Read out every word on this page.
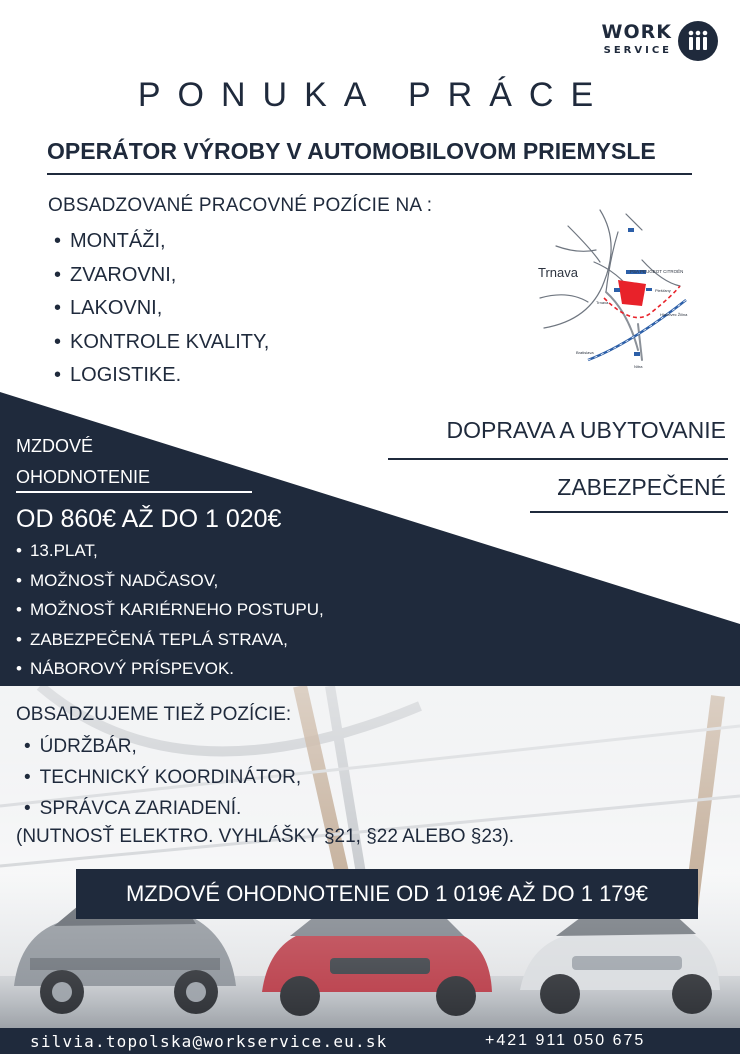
WORK
SERVICE
PONUKA PRÁCE
OPERÁTOR VÝROBY V AUTOMOBILOVOM PRIEMYSLE
OBSADZOVANÉ PRACOVNÉ POZÍCIE NA :
• MONTÁŽI,
• ZVAROVNI,
• LAKOVNI,
• KONTROLE KVALITY,
• LOGISTIKE.
Trnava	PSA PEUGEOT CITROËN
Bratislava
Nitra
Piešťany
Hlohovec Žilina
Trnava
DOPRAVA A UBYTOVANIE
ZABEZPEČENÉ
MZDOVÉ OHODNOTENIE
OD 860€ AŽ DO 1 020€
• 13.PLAT,
• MOŽNOSŤ NADČASOV,
• MOŽNOSŤ KARIÉRNEHO POSTUPU,
• ZABEZPEČENÁ TEPLÁ STRAVA,
• NÁBOROVÝ PRÍSPEVOK.
OBSADZUJEME TIEŽ POZÍCIE:
• ÚDRŽBÁR,
• TECHNICKÝ KOORDINÁTOR,
• SPRÁVCA ZARIADENÍ.
(NUTNOSŤ ELEKTRO. VYHLÁŠKY §21, §22 ALEBO §23).
MZDOVÉ OHODNOTENIE OD 1 019€ AŽ DO 1 179€
silvia.topolska@workservice.eu.sk	+421 911 050 675
